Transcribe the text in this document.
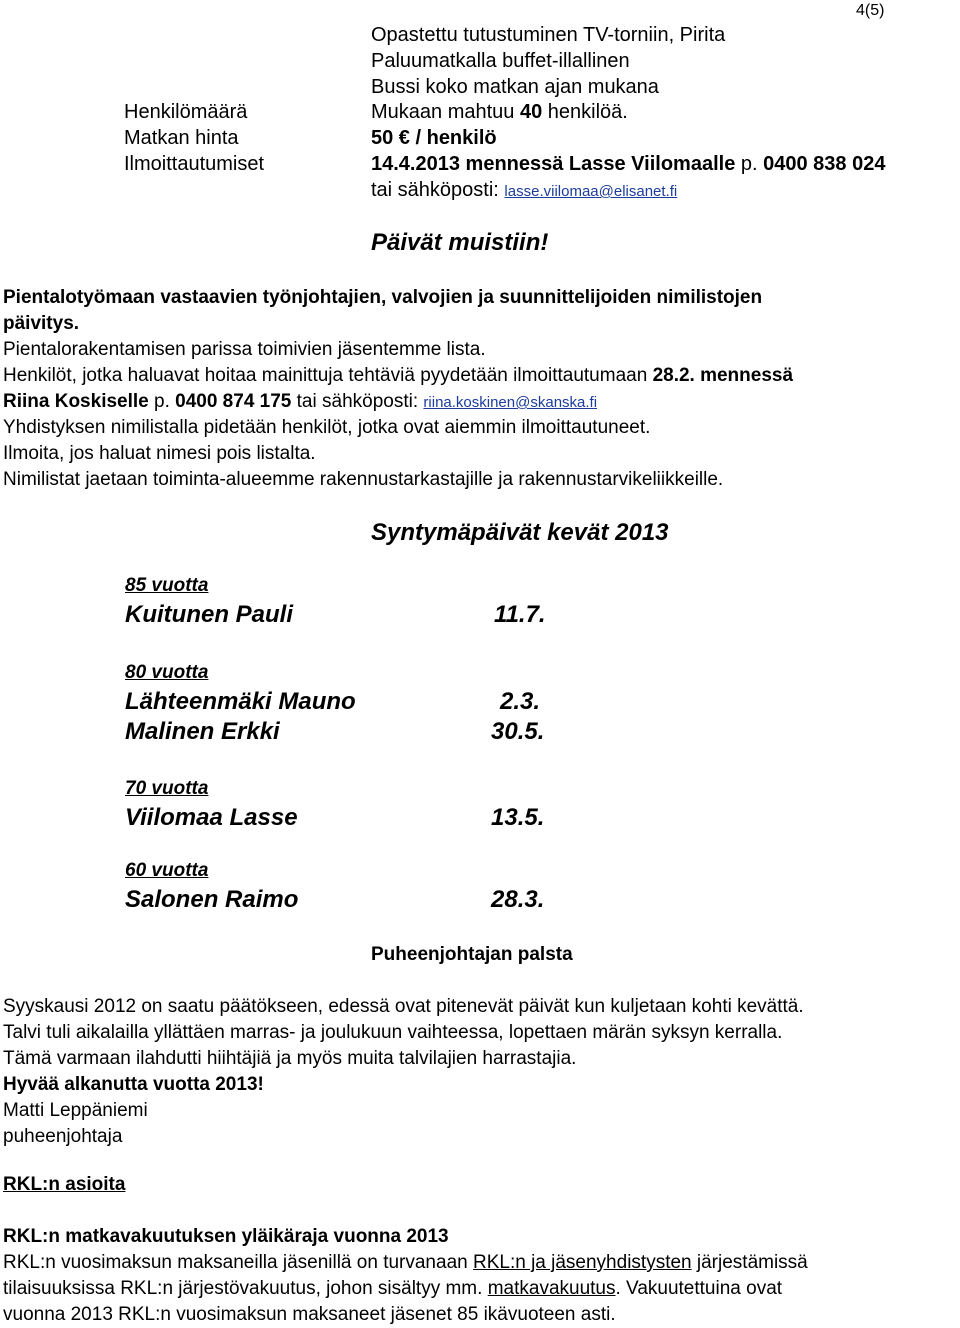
4(5)
Opastettu tutustuminen TV-torniin, Pirita
Paluumatkalla buffet-illallinen
Bussi koko matkan ajan mukana
Henkilömäärä	Mukaan mahtuu 40 henkilöä.
Matkan hinta	50 € / henkilö
Ilmoittautumiset	14.4.2013 mennessä Lasse Viilomaalle p. 0400 838 024
tai sähköposti: lasse.viilomaa@elisanet.fi
Päivät muistiin!
Pientalotyömaan vastaavien työnjohtajien, valvojien ja suunnittelijoiden nimilistojen
päivitys.
Pientalorakentamisen parissa toimivien jäsentemme lista.
Henkilöt, jotka haluavat hoitaa mainittuja tehtäviä pyydetään ilmoittautumaan 28.2. mennessä
Riina Koskiselle p. 0400 874 175 tai sähköposti: riina.koskinen@skanska.fi
Yhdistyksen nimilistalla pidetään henkilöt, jotka ovat aiemmin ilmoittautuneet.
Ilmoita, jos haluat nimesi pois listalta.
Nimilistat jaetaan toiminta-alueemme rakennustarkastajille ja rakennustarvikeliikkeille.
Syntymäpäivät kevät 2013
85 vuotta
Kuitunen Pauli	11.7.
80 vuotta
Lähteenmäki Mauno	2.3.
Malinen Erkki	30.5.
70 vuotta
Viilomaa Lasse	13.5.
60 vuotta
Salonen Raimo	28.3.
Puheenjohtajan palsta
Syyskausi 2012 on saatu päätökseen, edessä ovat pitenevät päivät kun kuljetaan kohti kevättä.
Talvi tuli aikalailla yllättäen marras- ja joulukuun vaihteessa, lopettaen märän syksyn kerralla.
Tämä varmaan ilahdutti hiihtäjiä ja myös muita talvilajien harrastajia.
Hyvää alkanutta vuotta 2013!
Matti Leppäniemi
puheenjohtaja
RKL:n asioita
RKL:n matkavakuutuksen yläikäraja vuonna 2013
RKL:n vuosimaksun maksaneilla jäsenillä on turvanaan RKL:n ja jäsenyhdistysten järjestämissä
tilaisuuksissa RKL:n järjestövakuutus, johon sisältyy mm. matkavakuutus. Vakuutettuina ovat
vuonna 2013 RKL:n vuosimaksun maksaneet jäsenet 85 ikävuoteen asti.
